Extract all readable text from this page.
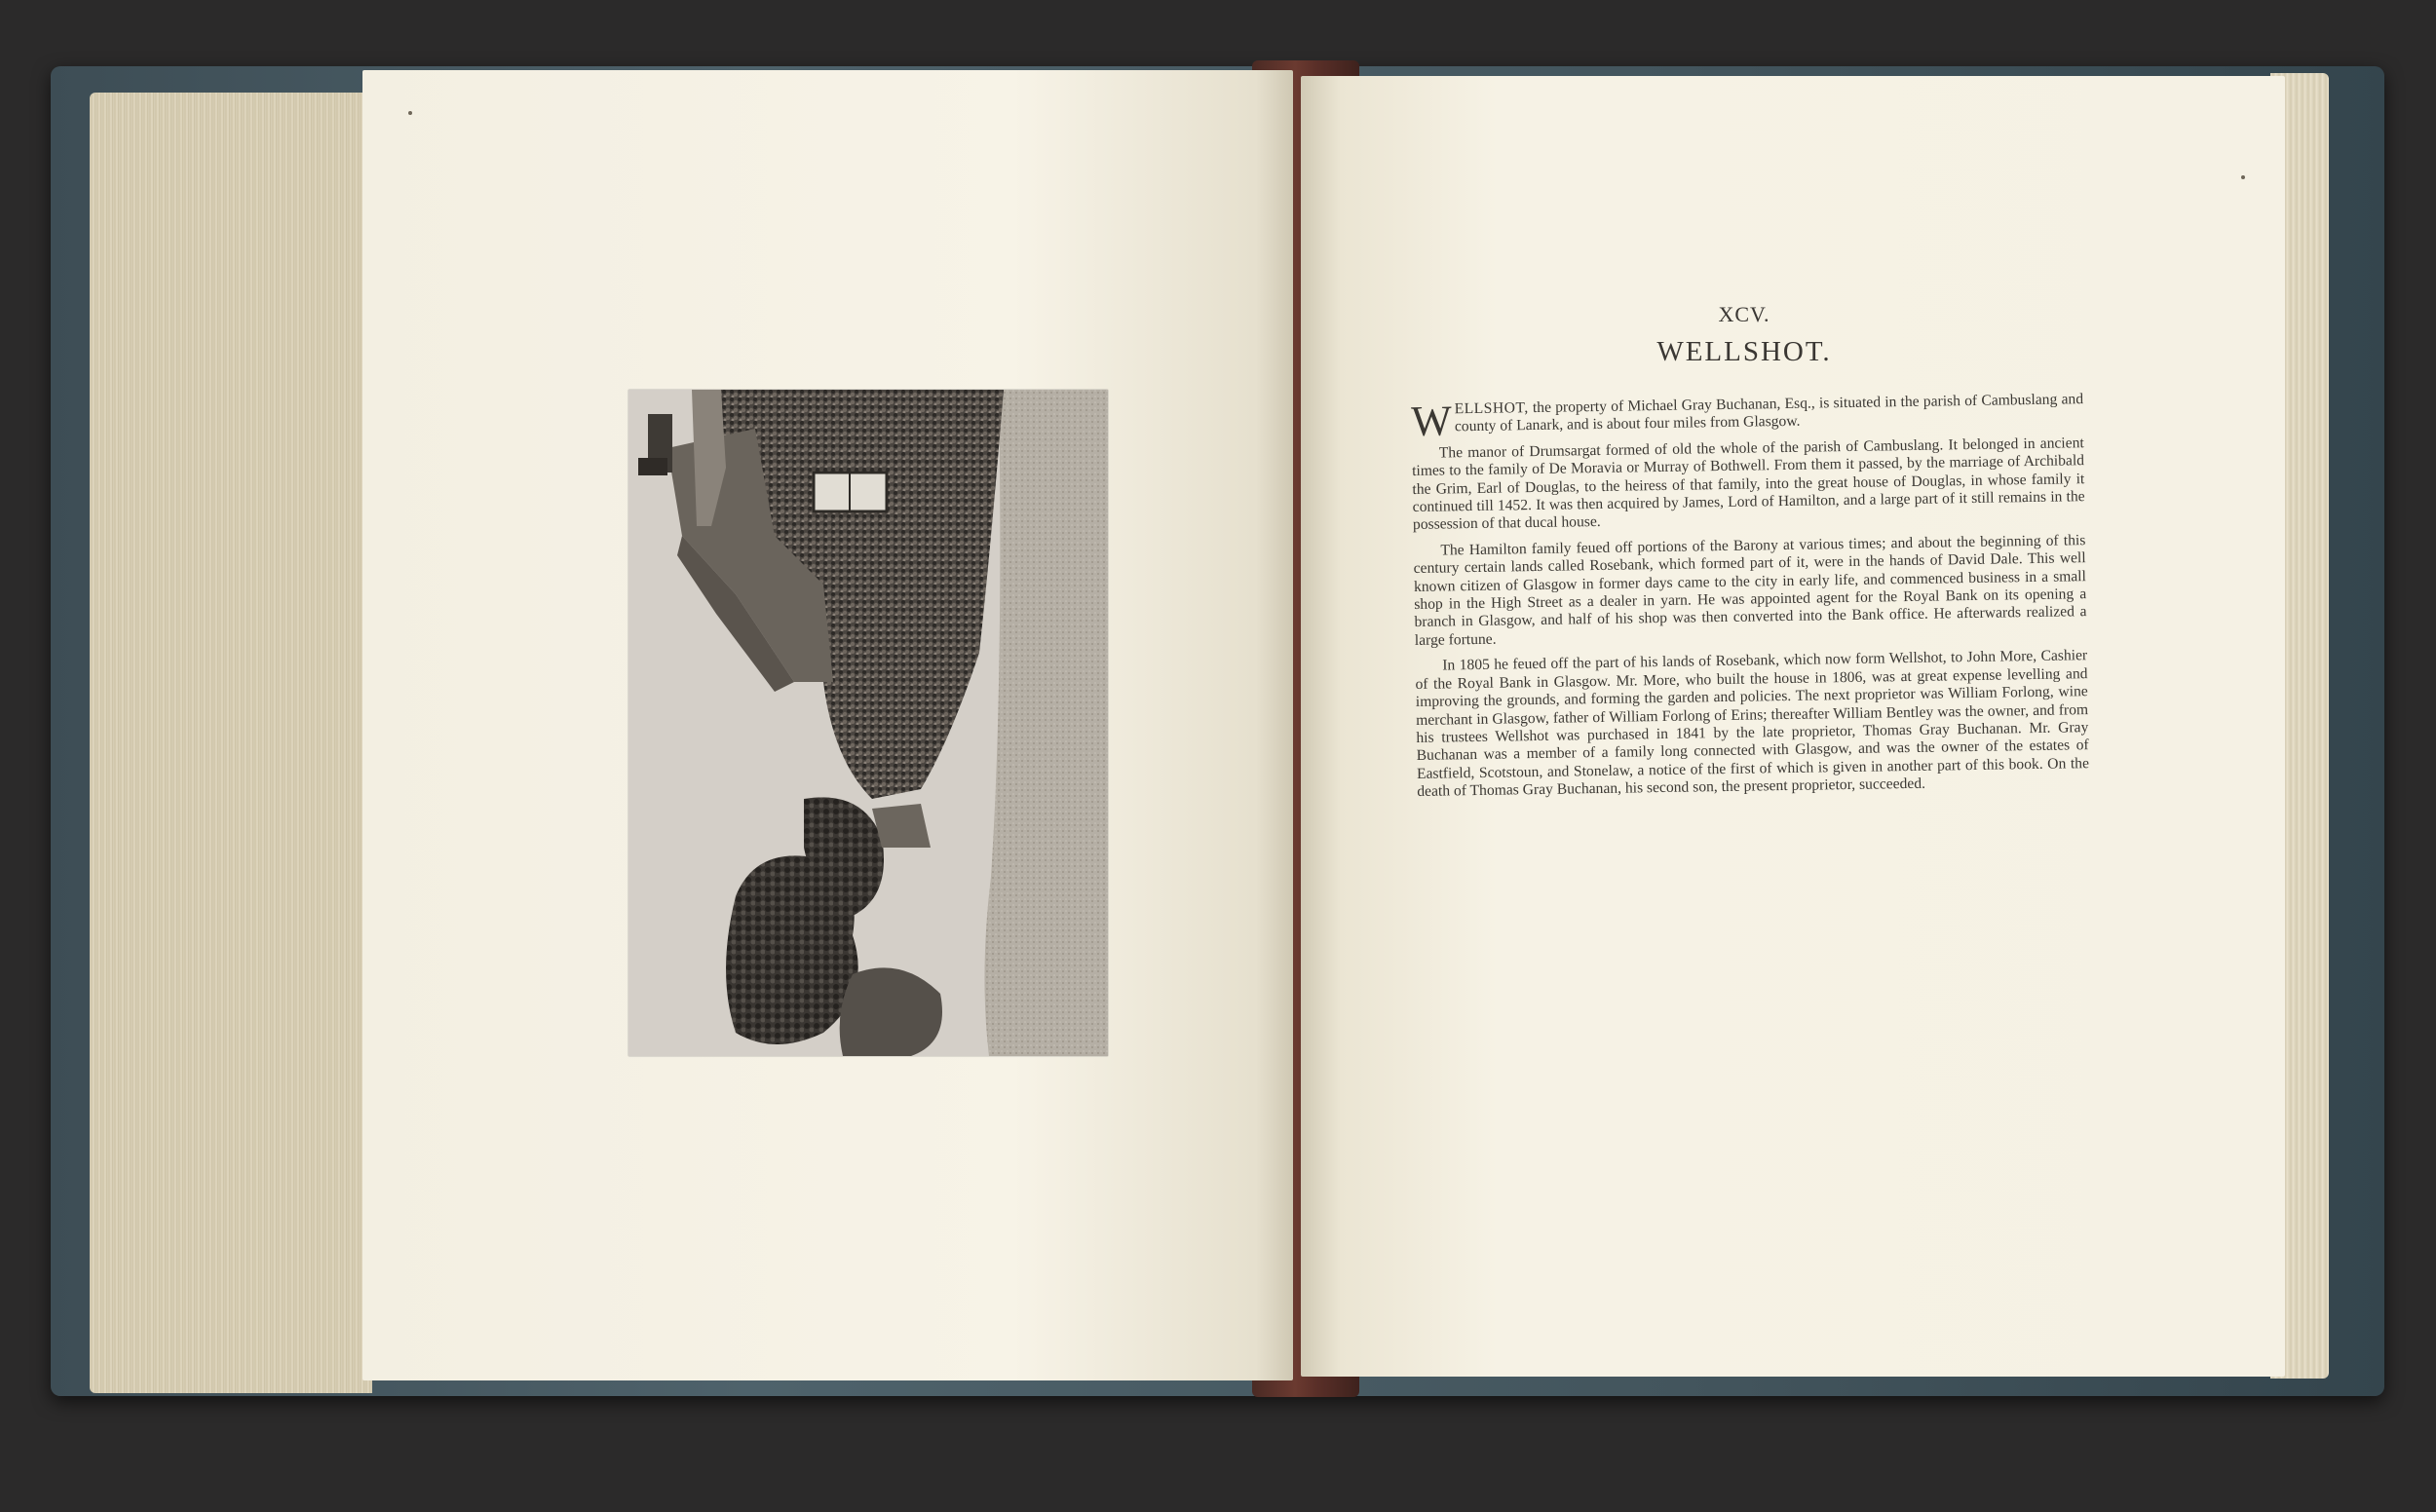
XCV.
WELLSHOT.

WELLSHOT, the property of Michael Gray Buchanan, Esq., is situated in the parish of Cambuslang and county of Lanark, and is about four miles from Glasgow.

The manor of Drumsargat formed of old the whole of the parish of Cambuslang. It belonged in ancient times to the family of De Moravia or Murray of Bothwell. From them it passed, by the marriage of Archibald the Grim, Earl of Douglas, to the heiress of that family, into the great house of Douglas, in whose family it continued till 1452. It was then acquired by James, Lord of Hamilton, and a large part of it still remains in the possession of that ducal house.

The Hamilton family feued off portions of the Barony at various times; and about the beginning of this century certain lands called Rosebank, which formed part of it, were in the hands of David Dale. This well known citizen of Glasgow in former days came to the city in early life, and commenced business in a small shop in the High Street as a dealer in yarn. He was appointed agent for the Royal Bank on its opening a branch in Glasgow, and half of his shop was then converted into the Bank office. He afterwards realized a large fortune.

In 1805 he feued off the part of his lands of Rosebank, which now form Wellshot, to John More, Cashier of the Royal Bank in Glasgow. Mr. More, who built the house in 1806, was at great expense levelling and improving the grounds, and forming the garden and policies. The next proprietor was William Forlong, wine merchant in Glasgow, father of William Forlong of Erins; thereafter William Bentley was the owner, and from his trustees Wellshot was purchased in 1841 by the late proprietor, Thomas Gray Buchanan. Mr. Gray Buchanan was a member of a family long connected with Glasgow, and was the owner of the estates of Eastfield, Scotstoun, and Stonelaw, a notice of the first of which is given in another part of this book. On the death of Thomas Gray Buchanan, his second son, the present proprietor, succeeded.
